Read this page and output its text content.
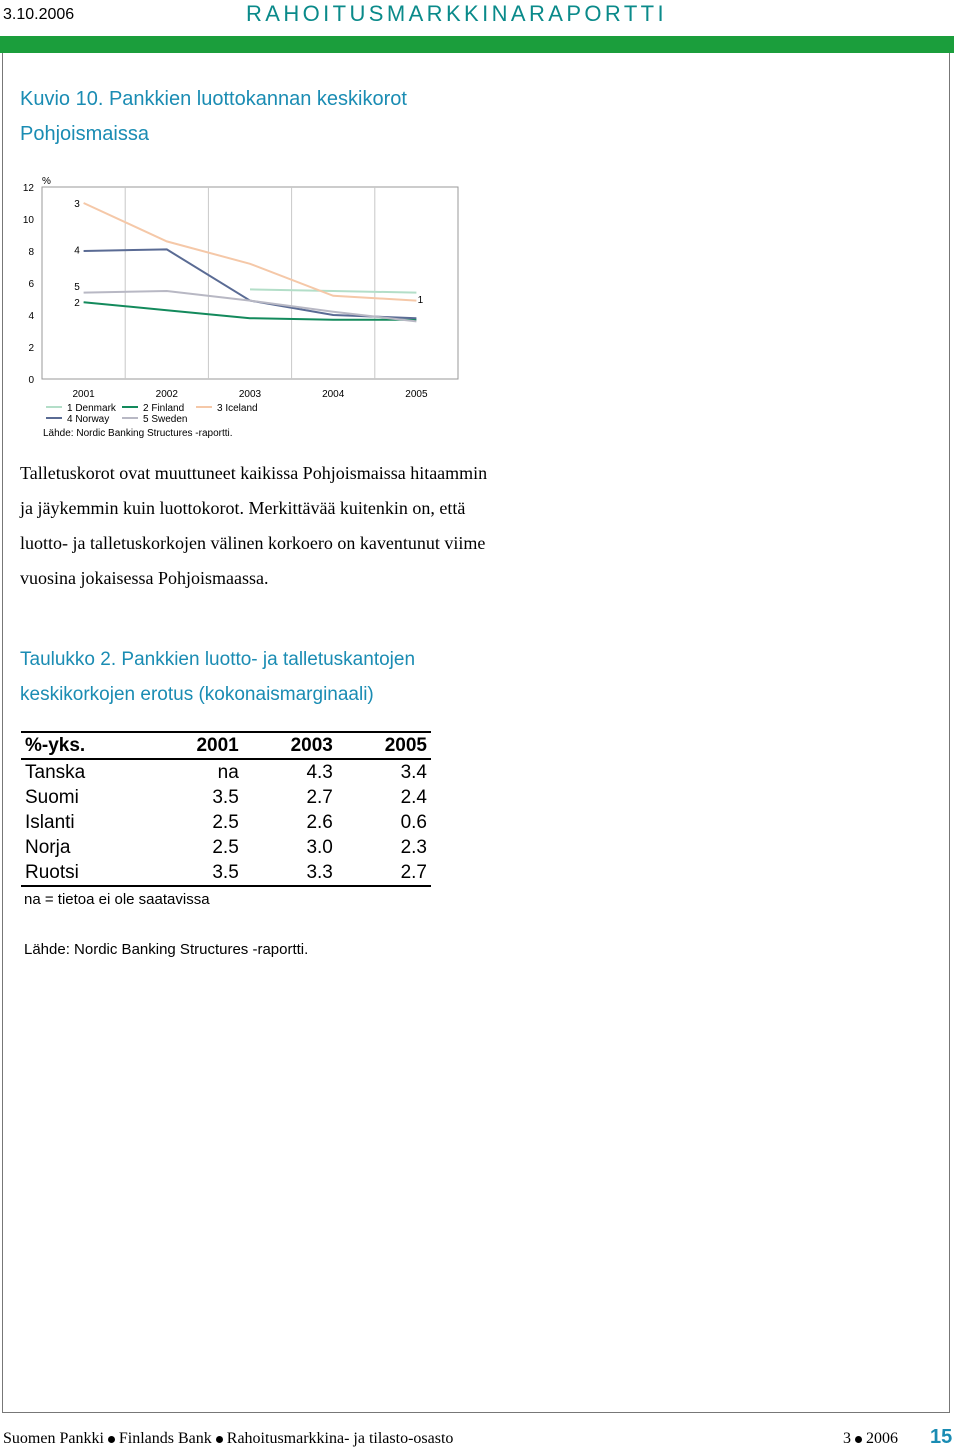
3.10.2006	RAHOITUSMARKKINARAPORTTI
Kuvio 10. Pankkien luottokannan keskikorot Pohjoismaissa
0
2
4
6
8
10
12
%
2001	2002	2003	2004	2005
3
4
5
2	1
1 Denmark	2 Finland	3 Iceland
4 Norway	5 Sweden
Lähde: Nordic Banking Structures -raportti.
Talletuskorot ovat muuttuneet kaikissa Pohjoismaissa hitaammin ja jäykemmin kuin luottokorot. Merkittävää kuitenkin on, että luotto- ja talletuskorkojen välinen korkoero on kaventunut viime vuosina jokaisessa Pohjoismaassa.
Taulukko 2. Pankkien luotto- ja talletuskantojen keskikorkojen erotus (kokonaismarginaali)
%-yks.	2001	2003	2005
Tanska	na	4.3	3.4
Suomi	3.5	2.7	2.4
Islanti	2.5	2.6	0.6
Norja	2.5	3.0	2.3
Ruotsi	3.5	3.3	2.7
na = tietoa ei ole saatavissa
Lähde: Nordic Banking Structures -raportti.
Suomen Pankki Finlands Bank Rahoitusmarkkina- ja tilasto-osasto	3 2006 15
